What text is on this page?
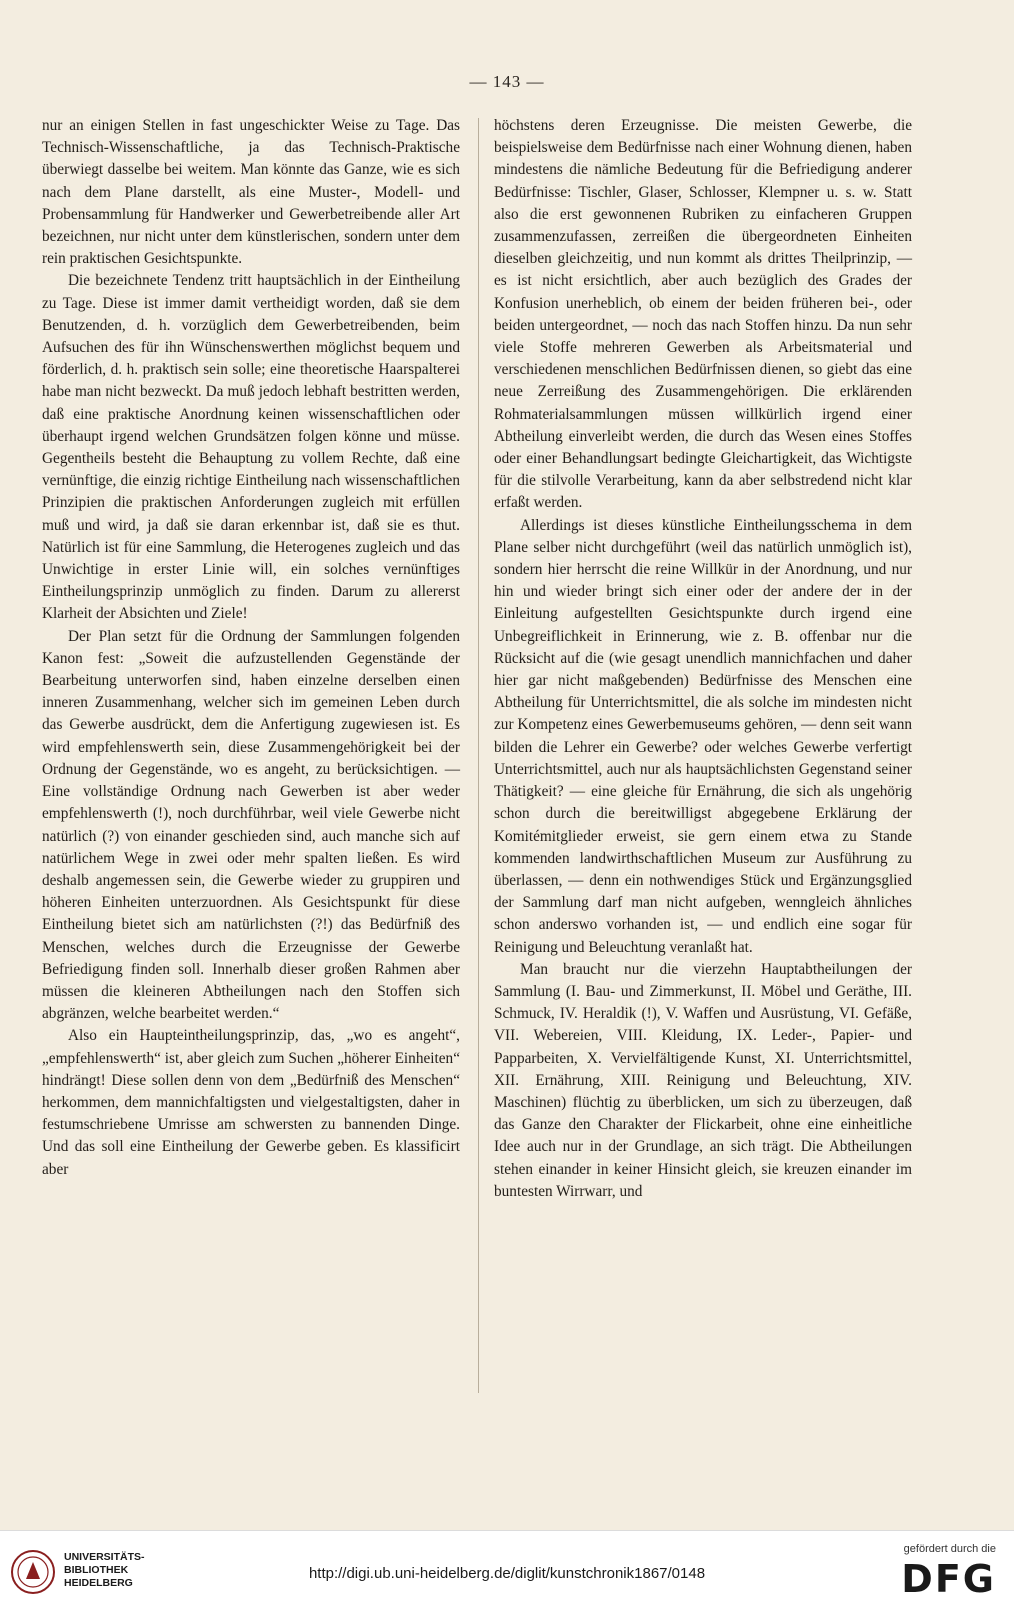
— 143 —

nur an einigen Stellen in fast ungeschickter Weise zu Tage. Das Technisch-Wissenschaftliche, ja das Technisch-Praktische überwiegt dasselbe bei weitem. Man könnte das Ganze, wie es sich nach dem Plane darstellt, als eine Muster-, Modell- und Probensammlung für Handwerker und Gewerbetreibende aller Art bezeichnen, nur nicht unter dem künstlerischen, sondern unter dem rein praktischen Gesichtspunkte.

Die bezeichnete Tendenz tritt hauptsächlich in der Eintheilung zu Tage. Diese ist immer damit vertheidigt worden, daß sie dem Benutzenden, d. h. vorzüglich dem Gewerbetreibenden, beim Aufsuchen des für ihn Wünschenswerthen möglichst bequem und förderlich, d. h. praktisch sein solle; eine theoretische Haarspalterei habe man nicht bezweckt. Da muß jedoch lebhaft bestritten werden, daß eine praktische Anordnung keinen wissenschaftlichen oder überhaupt irgend welchen Grundsätzen folgen könne und müsse. Gegentheils besteht die Behauptung zu vollem Rechte, daß eine vernünftige, die einzig richtige Eintheilung nach wissenschaftlichen Prinzipien die praktischen Anforderungen zugleich mit erfüllen muß und wird, ja daß sie daran erkennbar ist, daß sie es thut. Natürlich ist für eine Sammlung, die Heterogenes zugleich und das Unwichtige in erster Linie will, ein solches vernünftiges Eintheilungsprinzip unmöglich zu finden. Darum zu allererst Klarheit der Absichten und Ziele!

Der Plan setzt für die Ordnung der Sammlungen folgenden Kanon fest: „Soweit die aufzustellenden Gegenstände der Bearbeitung unterworfen sind, haben einzelne derselben einen inneren Zusammenhang, welcher sich im gemeinen Leben durch das Gewerbe ausdrückt, dem die Anfertigung zugewiesen ist. Es wird empfehlenswerth sein, diese Zusammengehörigkeit bei der Ordnung der Gegenstände, wo es angeht, zu berücksichtigen. — Eine vollständige Ordnung nach Gewerben ist aber weder empfehlenswerth (!), noch durchführbar, weil viele Gewerbe nicht natürlich (?) von einander geschieden sind, auch manche sich auf natürlichem Wege in zwei oder mehr spalten ließen. Es wird deshalb angemessen sein, die Gewerbe wieder zu gruppiren und höheren Einheiten unterzuordnen. Als Gesichtspunkt für diese Eintheilung bietet sich am natürlichsten (?!) das Bedürfniß des Menschen, welches durch die Erzeugnisse der Gewerbe Befriedigung finden soll. Innerhalb dieser großen Rahmen aber müssen die kleineren Abtheilungen nach den Stoffen sich abgränzen, welche bearbeitet werden.“

Also ein Haupteintheilungsprinzip, das, „wo es angeht“, „empfehlenswerth“ ist, aber gleich zum Suchen „höherer Einheiten“ hindrängt! Diese sollen denn von dem „Bedürfniß des Menschen“ herkommen, dem mannichfaltigsten und vielgestaltigsten, daher in festumschriebene Umrisse am schwersten zu bannenden Dinge. Und das soll eine Eintheilung der Gewerbe geben. Es klassificirt aber

höchstens deren Erzeugnisse. Die meisten Gewerbe, die beispielsweise dem Bedürfnisse nach einer Wohnung dienen, haben mindestens die nämliche Bedeutung für die Befriedigung anderer Bedürfnisse: Tischler, Glaser, Schlosser, Klempner u. s. w. Statt also die erst gewonnenen Rubriken zu einfacheren Gruppen zusammenzufassen, zerreißen die übergeordneten Einheiten dieselben gleichzeitig, und nun kommt als drittes Theilprinzip, — es ist nicht ersichtlich, aber auch bezüglich des Grades der Konfusion unerheblich, ob einem der beiden früheren bei-, oder beiden untergeordnet, — noch das nach Stoffen hinzu. Da nun sehr viele Stoffe mehreren Gewerben als Arbeitsmaterial und verschiedenen menschlichen Bedürfnissen dienen, so giebt das eine neue Zerreißung des Zusammengehörigen. Die erklärenden Rohmaterialsammlungen müssen willkürlich irgend einer Abtheilung einverleibt werden, die durch das Wesen eines Stoffes oder einer Behandlungsart bedingte Gleichartigkeit, das Wichtigste für die stilvolle Verarbeitung, kann da aber selbstredend nicht klar erfaßt werden.

Allerdings ist dieses künstliche Eintheilungsschema in dem Plane selber nicht durchgeführt (weil das natürlich unmöglich ist), sondern hier herrscht die reine Willkür in der Anordnung, und nur hin und wieder bringt sich einer oder der andere der in der Einleitung aufgestellten Gesichtspunkte durch irgend eine Unbegreiflichkeit in Erinnerung, wie z. B. offenbar nur die Rücksicht auf die (wie gesagt unendlich mannichfachen und daher hier gar nicht maßgebenden) Bedürfnisse des Menschen eine Abtheilung für Unterrichtsmittel, die als solche im mindesten nicht zur Kompetenz eines Gewerbemuseums gehören, — denn seit wann bilden die Lehrer ein Gewerbe? oder welches Gewerbe verfertigt Unterrichtsmittel, auch nur als hauptsächlichsten Gegenstand seiner Thätigkeit? — eine gleiche für Ernährung, die sich als ungehörig schon durch die bereitwilligst abgegebene Erklärung der Komitémitglieder erweist, sie gern einem etwa zu Stande kommenden landwirthschaftlichen Museum zur Ausführung zu überlassen, — denn ein nothwendiges Stück und Ergänzungsglied der Sammlung darf man nicht aufgeben, wenngleich ähnliches schon anderswo vorhanden ist, — und endlich eine sogar für Reinigung und Beleuchtung veranlaßt hat.

Man braucht nur die vierzehn Hauptabtheilungen der Sammlung (I. Bau- und Zimmerkunst, II. Möbel und Geräthe, III. Schmuck, IV. Heraldik (!), V. Waffen und Ausrüstung, VI. Gefäße, VII. Webereien, VIII. Kleidung, IX. Leder-, Papier- und Papparbeiten, X. Vervielfältigende Kunst, XI. Unterrichtsmittel, XII. Ernährung, XIII. Reinigung und Beleuchtung, XIV. Maschinen) flüchtig zu überblicken, um sich zu überzeugen, daß das Ganze den Charakter der Flickarbeit, ohne eine einheitliche Idee auch nur in der Grundlage, an sich trägt. Die Abtheilungen stehen einander in keiner Hinsicht gleich, sie kreuzen einander im buntesten Wirrwarr, und

UNIVERSITÄTS-
BIBLIOTHEK
HEIDELBERG
http://digi.ub.uni-heidelberg.de/diglit/kunstchronik1867/0148
gefördert durch die
DFG
